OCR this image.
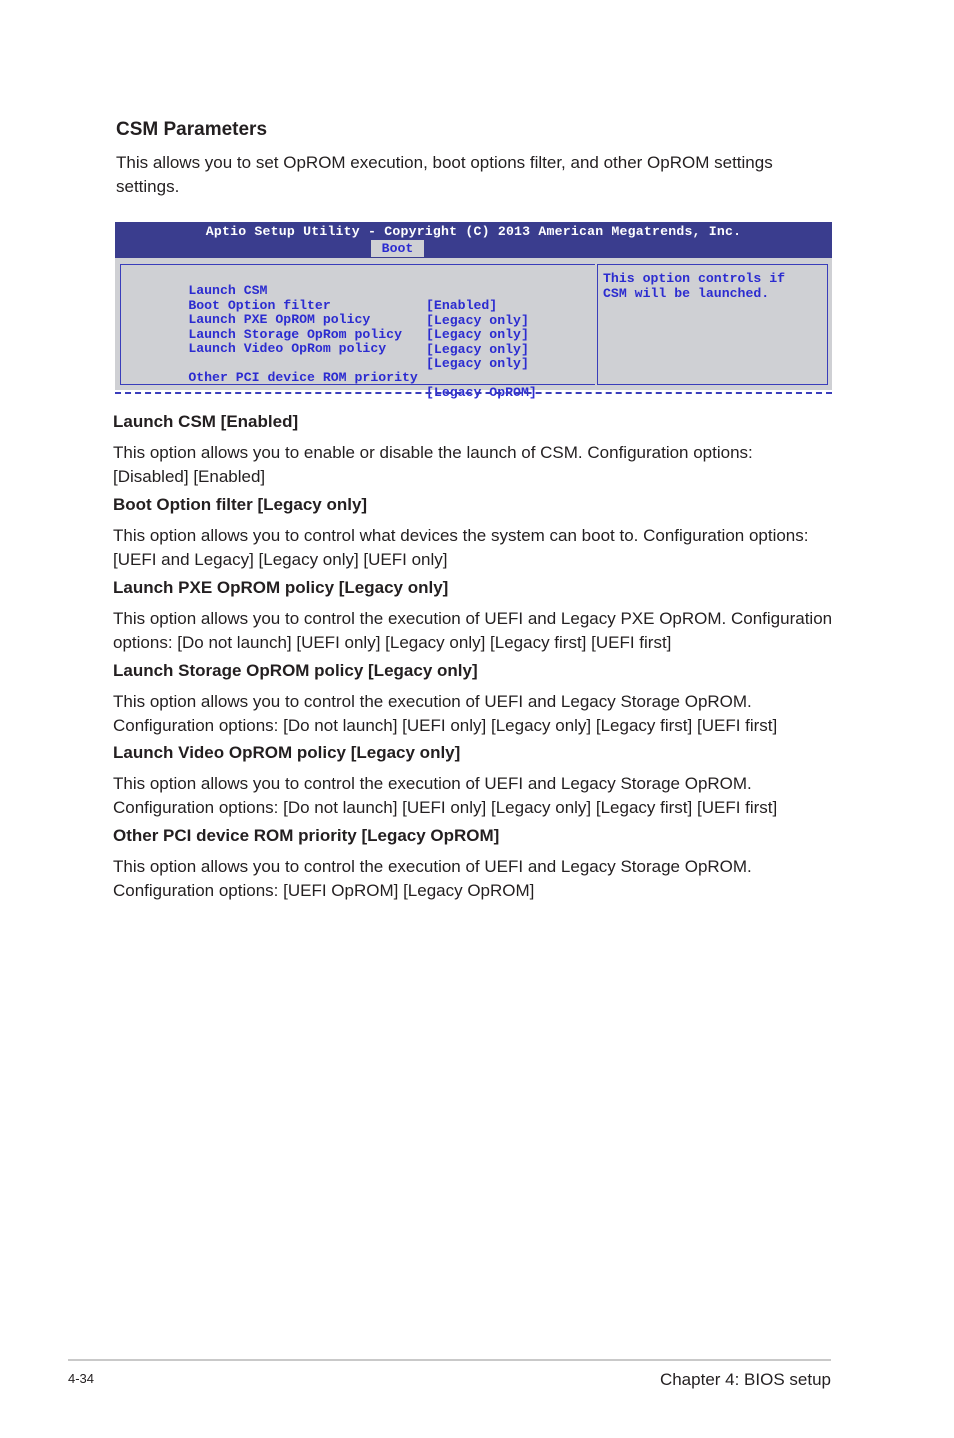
CSM Parameters
This allows you to set OpROM execution, boot options filter, and other OpROM settings settings.
Aptio Setup Utility - Copyright (C) 2013 American Megatrends, Inc.
Boot

Launch CSM

[Enabled]

Boot Option filter

[Legacy only]

Launch PXE OpROM policy

[Legacy only]

Launch Storage OpRom policy

[Legacy only]

Launch Video OpRom policy

[Legacy only]

Other PCI device ROM priority

[Legacy OpROM]

This option controls if
CSM will be launched.
Launch CSM [Enabled]
This option allows you to enable or disable the launch of CSM. Configuration options: [Disabled] [Enabled]
Boot Option filter [Legacy only]
This option allows you to control what devices the system can boot to. Configuration options: [UEFI and Legacy] [Legacy only] [UEFI only]
Launch PXE OpROM policy [Legacy only]
This option allows you to control the execution of UEFI and Legacy PXE OpROM. Configuration options: [Do not launch] [UEFI only] [Legacy only] [Legacy first] [UEFI first]
Launch Storage OpROM policy [Legacy only]
This option allows you to control the execution of UEFI and Legacy Storage OpROM. Configuration options: [Do not launch] [UEFI only] [Legacy only] [Legacy first] [UEFI first]
Launch Video OpROM policy [Legacy only]
This option allows you to control the execution of UEFI and Legacy Storage OpROM. Configuration options: [Do not launch] [UEFI only] [Legacy only] [Legacy first] [UEFI first]
Other PCI device ROM priority [Legacy OpROM]
This option allows you to control the execution of UEFI and Legacy Storage OpROM. Configuration options: [UEFI OpROM] [Legacy OpROM]
4-34	Chapter 4: BIOS setup
